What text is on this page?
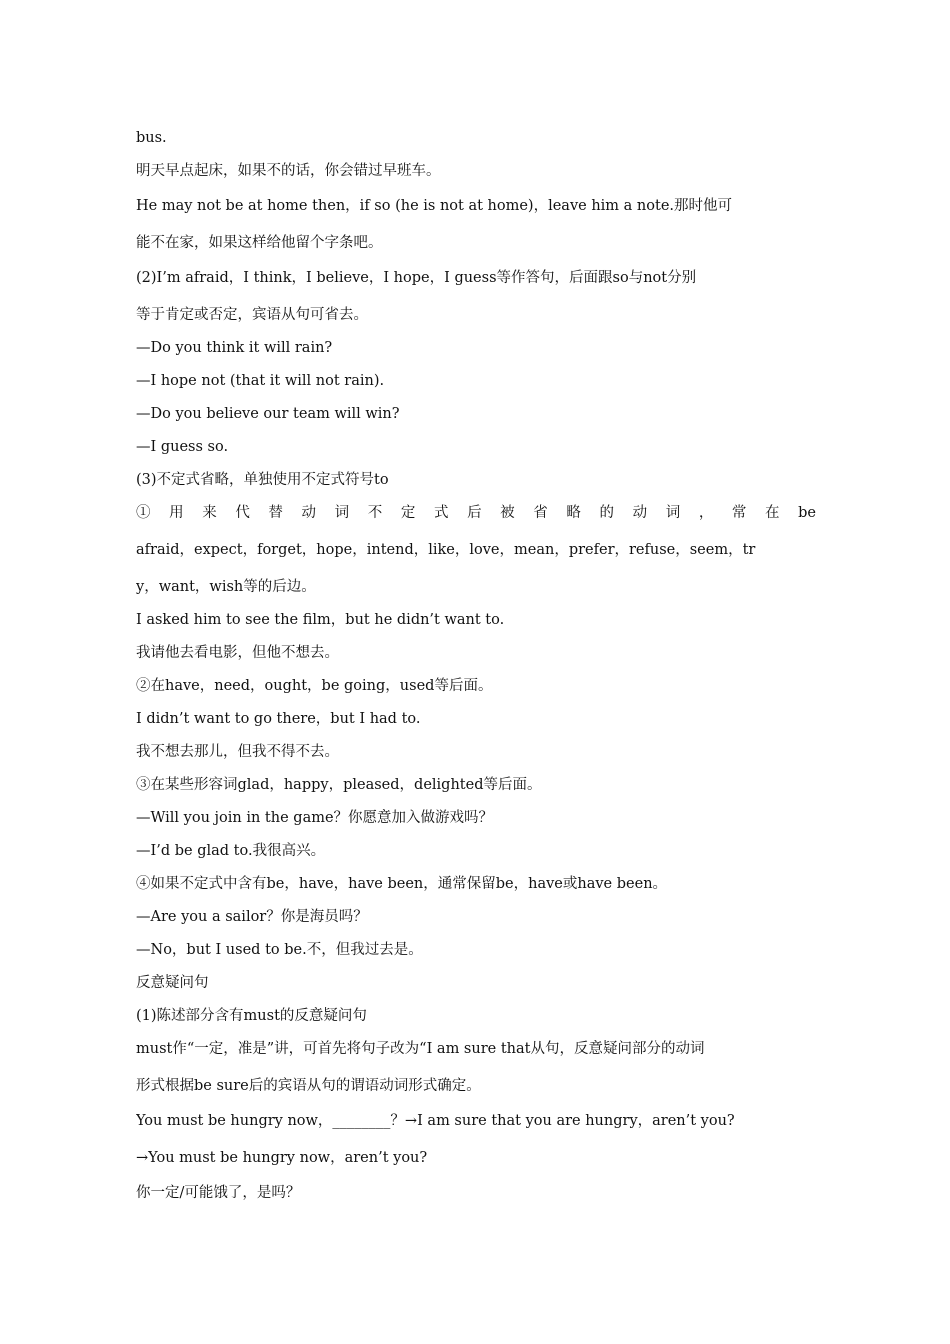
bus.
明天早点起床，如果不的话，你会错过早班车。
He may not be at home then，if so (he is not at home)，leave him a note.那时他可
能不在家，如果这样给他留个字条吧。
(2)I’m afraid，I think，I believe，I hope，I guess等作答句，后面跟so与not分别
等于肯定或否定，宾语从句可省去。
—Do you think it will rain?
—I hope not (that it will not rain).
—Do you believe our team will win?
—I guess so.
(3)不定式省略，单独使用不定式符号to
① 用 来 代 替 动 词 不 定 式 后 被 省 略 的 动 词 ， 常 在 be
afraid，expect，forget，hope，intend，like，love，mean，prefer，refuse，seem，tr
y，want，wish等的后边。
I asked him to see the film，but he didn’t want to.
我请他去看电影，但他不想去。
②在have，need，ought，be going，used等后面。
I didn’t want to go there，but I had to.
我不想去那儿，但我不得不去。
③在某些形容词glad，happy，pleased，delighted等后面。
—Will you join in the game？你愿意加入做游戏吗？
—I’d be glad to.我很高兴。
④如果不定式中含有be，have，have been，通常保留be，have或have been。
—Are you a sailor？你是海员吗？
—No，but I used to be.不，但我过去是。
反意疑问句
(1)陈述部分含有must的反意疑问句
must作“一定，准是”讲，可首先将句子改为“I am sure that从句，反意疑问部分的动词
形式根据be sure后的宾语从句的谓语动词形式确定。
You must be hungry now，________？→I am sure that you are hungry，aren’t you?
→You must be hungry now，aren’t you?
你一定/可能饿了，是吗？
